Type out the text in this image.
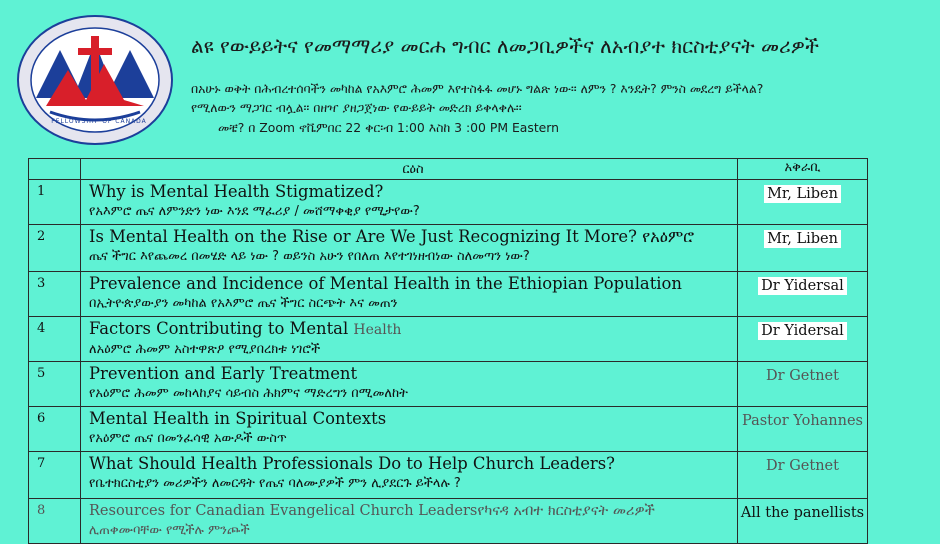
FELLOWSHIP OF CANADA
ልዩ የውይይትና የመማማሪያ መርሐ ግብር ለመጋቢዎችና ለአብያተ ክርስቲያናት መሪዎች
በአሁኑ ወቅት በሕብረተሰባችን መካከል የአእምሮ ሕመም እየተስፋፋ መሆኑ ግልጽ ነው፡፡ ለምን ? እንዴት? ምንስ መደረግ ይችላል?
የሚለውን ማጋገር ብሏል፡፡ በዘዣ ያዘጋጀነው የውይይት መድረክ ይቀላቀሉ፡፡
መቼ? በ Zoom ኖቬምበር 22 ቀር፡ብ 1:00 እስከ 3 :00 PM Eastern
	ርዕስ	አቅራቢ
1	Why is Mental Health Stigmatized?
የአእምሮ ጤና ለምንድን ነው እንደ ማፈሪያ / መሸማቀቂያ የሚታየው?	Mr, Liben
2	Is Mental Health on the Rise or Are We Just Recognizing It More? የአዕምሮ
ጤና ችግር እየጨመረ በመሄድ ላይ ነው ? ወይንስ አሁን የበለጠ እየተገነዘብነው ስለመጣን ነው?	Mr, Liben
3	Prevalence and Incidence of Mental Health in the Ethiopian Population
በኢትዮጵያውያን መካከል የአእምሮ ጤና ችግር ስርጭት እና መጠን	Dr Yidersal
4	Factors Contributing to Mental Health
ለአዕምሮ ሕመም አስተዋጽዖ የሚያበረክቱ ነገሮች	Dr Yidersal
5	Prevention and Early Treatment
የአዕምሮ ሕመም መከላከያና ሳይብስ ሕክምና ማድረግን በሚመለከት	Dr Getnet
6	Mental Health in Spiritual Contexts
የአዕምሮ ጤና በመንፈሳዊ አውዶች ውስጥ	Pastor Yohannes
7	What Should Health Professionals Do to Help Church Leaders?
የቤተክርስቲያን መሪዎችን ለመርዳት የጤና ባለሙያዎች ምን ሊያደርጉ ይችላሉ ?	Dr Getnet
8	Resources for Canadian Evangelical Church Leadersየካናዳ አብተ ክርስቲያናት መሪዎች
ሊጠቀሙባቸው የሚችሉ ምንጮች	All the panellists
